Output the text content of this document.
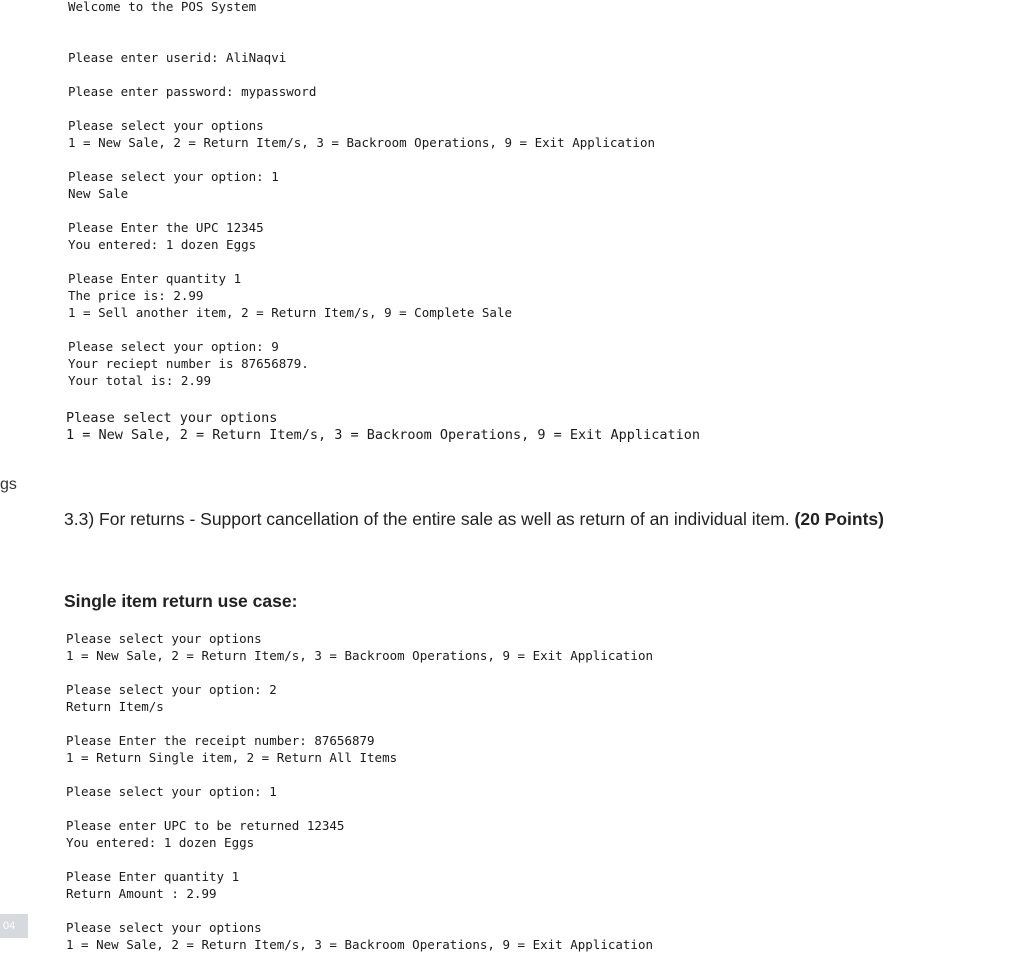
Welcome to the POS System

Please enter userid: AliNaqvi

Please enter password: mypassword

Please select your options
1 = New Sale, 2 = Return Item/s, 3 = Backroom Operations, 9 = Exit Application

Please select your option: 1
New Sale

Please Enter the UPC 12345
You entered: 1 dozen Eggs

Please Enter quantity 1
The price is: 2.99
1 = Sell another item, 2 = Return Item/s, 9 = Complete Sale

Please select your option: 9
Your reciept number is 87656879.
Your total is: 2.99
Please select your options
1 = New Sale, 2 = Return Item/s, 3 = Backroom Operations, 9 = Exit Application
gs

3.3) For returns - Support cancellation of the entire sale as well as return of an individual item. (20 Points)

Single item return use case:

Please select your options
1 = New Sale, 2 = Return Item/s, 3 = Backroom Operations, 9 = Exit Application

Please select your option: 2
Return Item/s

Please Enter the receipt number: 87656879
1 = Return Single item, 2 = Return All Items

Please select your option: 1

Please enter UPC to be returned 12345
You entered: 1 dozen Eggs

Please Enter quantity 1
Return Amount : 2.99

Please select your options
1 = New Sale, 2 = Return Item/s, 3 = Backroom Operations, 9 = Exit Application
04
